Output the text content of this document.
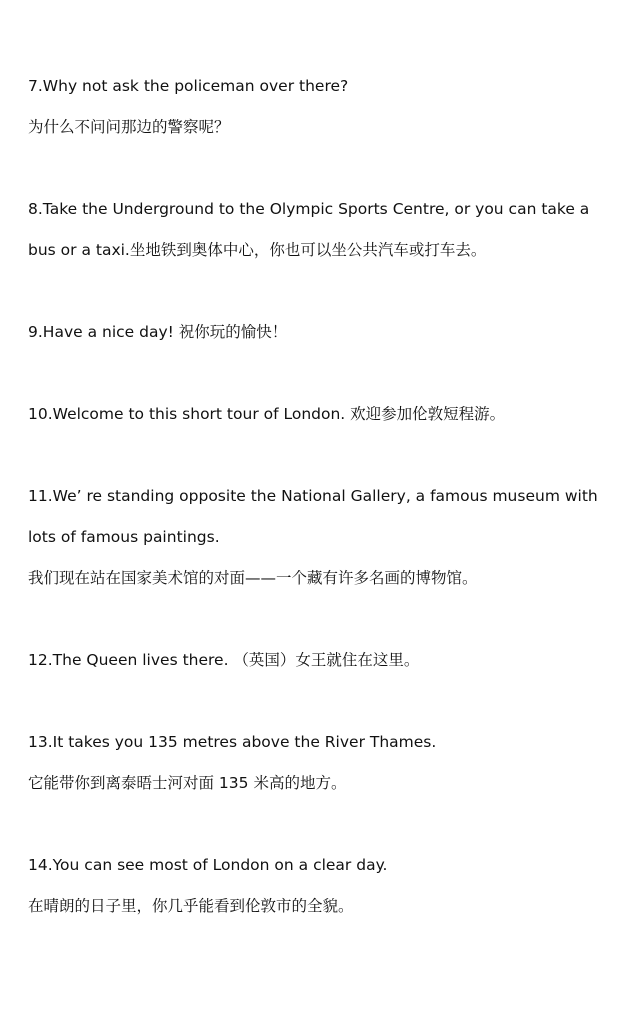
7.Why not ask the policeman over there?
为什么不问问那边的警察呢？
8.Take the Underground to the Olympic Sports Centre, or you can take a
bus or a taxi.坐地铁到奥体中心，你也可以坐公共汽车或打车去。
9.Have a nice day! 祝你玩的愉快！
10.Welcome to this short tour of London. 欢迎参加伦敦短程游。
11.We’ re standing opposite the National Gallery, a famous museum with
lots of famous paintings.
我们现在站在国家美术馆的对面——一个藏有许多名画的博物馆。
12.The Queen lives there. （英国）女王就住在这里。
13.It takes you 135 metres above the River Thames.
它能带你到离泰晤士河对面 135 米高的地方。
14.You can see most of London on a clear day.
在晴朗的日子里，你几乎能看到伦敦市的全貌。
